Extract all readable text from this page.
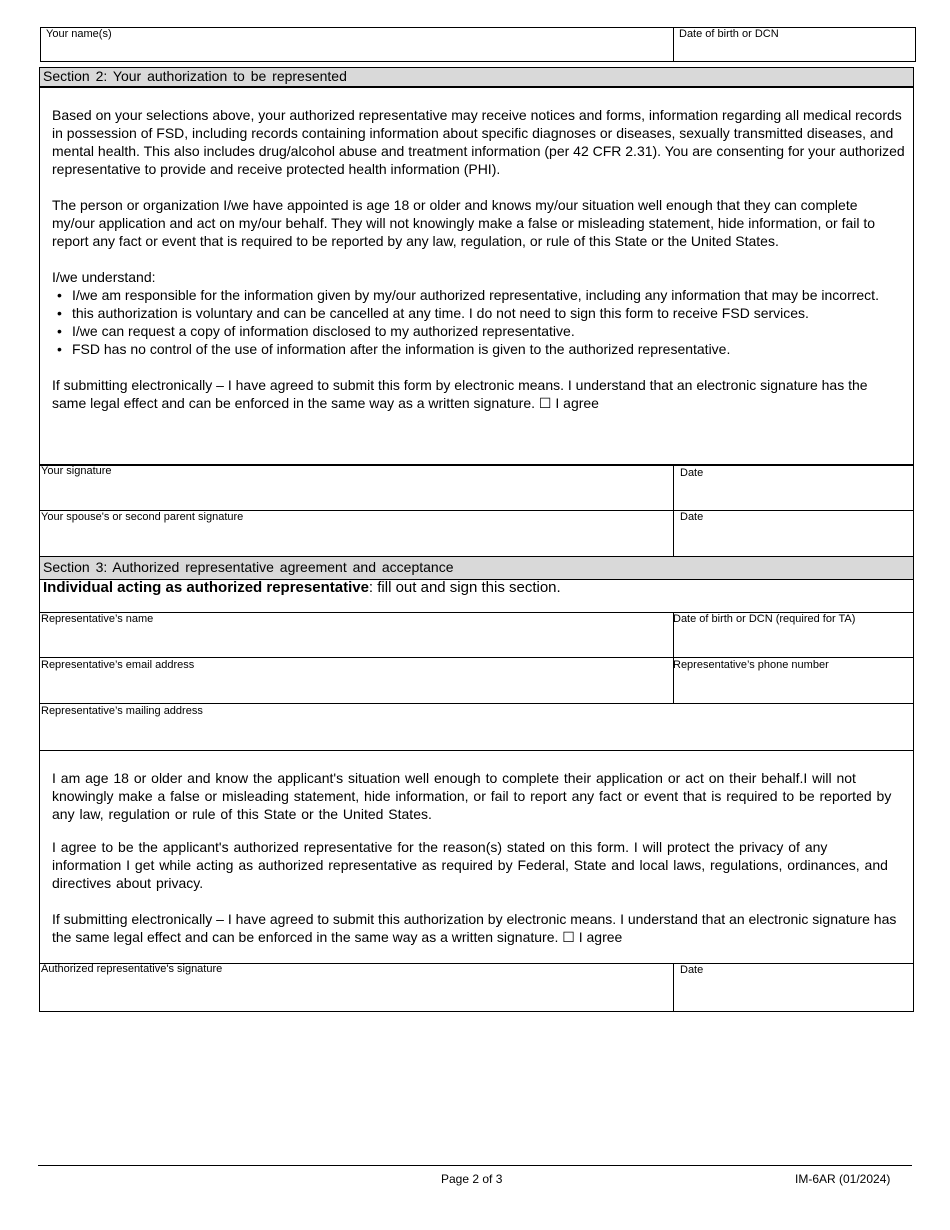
Your name(s)	Date of birth or DCN
Section 2: Your authorization to be represented

Based on your selections above, your authorized representative may receive notices and forms, information regarding all medical records in possession of FSD, including records containing information about specific diagnoses or diseases, sexually transmitted diseases, and mental health. This also includes drug/alcohol abuse and treatment information (per 42 CFR 2.31). You are consenting for your authorized representative to provide and receive protected health information (PHI).

The person or organization I/we have appointed is age 18 or older and knows my/our situation well enough that they can complete my/our application and act on my/our behalf. They will not knowingly make a false or misleading statement, hide information, or fail to report any fact or event that is required to be reported by any law, regulation, or rule of this State or the United States.

I/we understand:

• I/we am responsible for the information given by my/our authorized representative, including any information that may be incorrect.
• this authorization is voluntary and can be cancelled at any time. I do not need to sign this form to receive FSD services.
• I/we can request a copy of information disclosed to my authorized representative.
• FSD has no control of the use of information after the information is given to the authorized representative.

If submitting electronically – I have agreed to submit this form by electronic means. I understand that an electronic signature has the same legal effect and can be enforced in the same way as a written signature. ☐ I agree

Your signature	Date
Your spouse's or second parent signature	Date
Section 3: Authorized representative agreement and acceptance
Individual acting as authorized representative: fill out and sign this section.
Representative’s name	Date of birth or DCN (required for TA)
Representative’s email address	Representative’s phone number
Representative’s mailing address

I am age 18 or older and know the applicant's situation well enough to complete their application or act on their behalf.I will not knowingly make a false or misleading statement, hide information, or fail to report any fact or event that is required to be reported by any law, regulation or rule of this State or the United States.

I agree to be the applicant's authorized representative for the reason(s) stated on this form. I will protect the privacy of any information I get while acting as authorized representative as required by Federal, State and local laws, regulations, ordinances, and directives about privacy.

If submitting electronically – I have agreed to submit this authorization by electronic means. I understand that an electronic signature has the same legal effect and can be enforced in the same way as a written signature. ☐ I agree

Authorized representative's signature	Date
Page 2 of 3	IM-6AR (01/2024)
